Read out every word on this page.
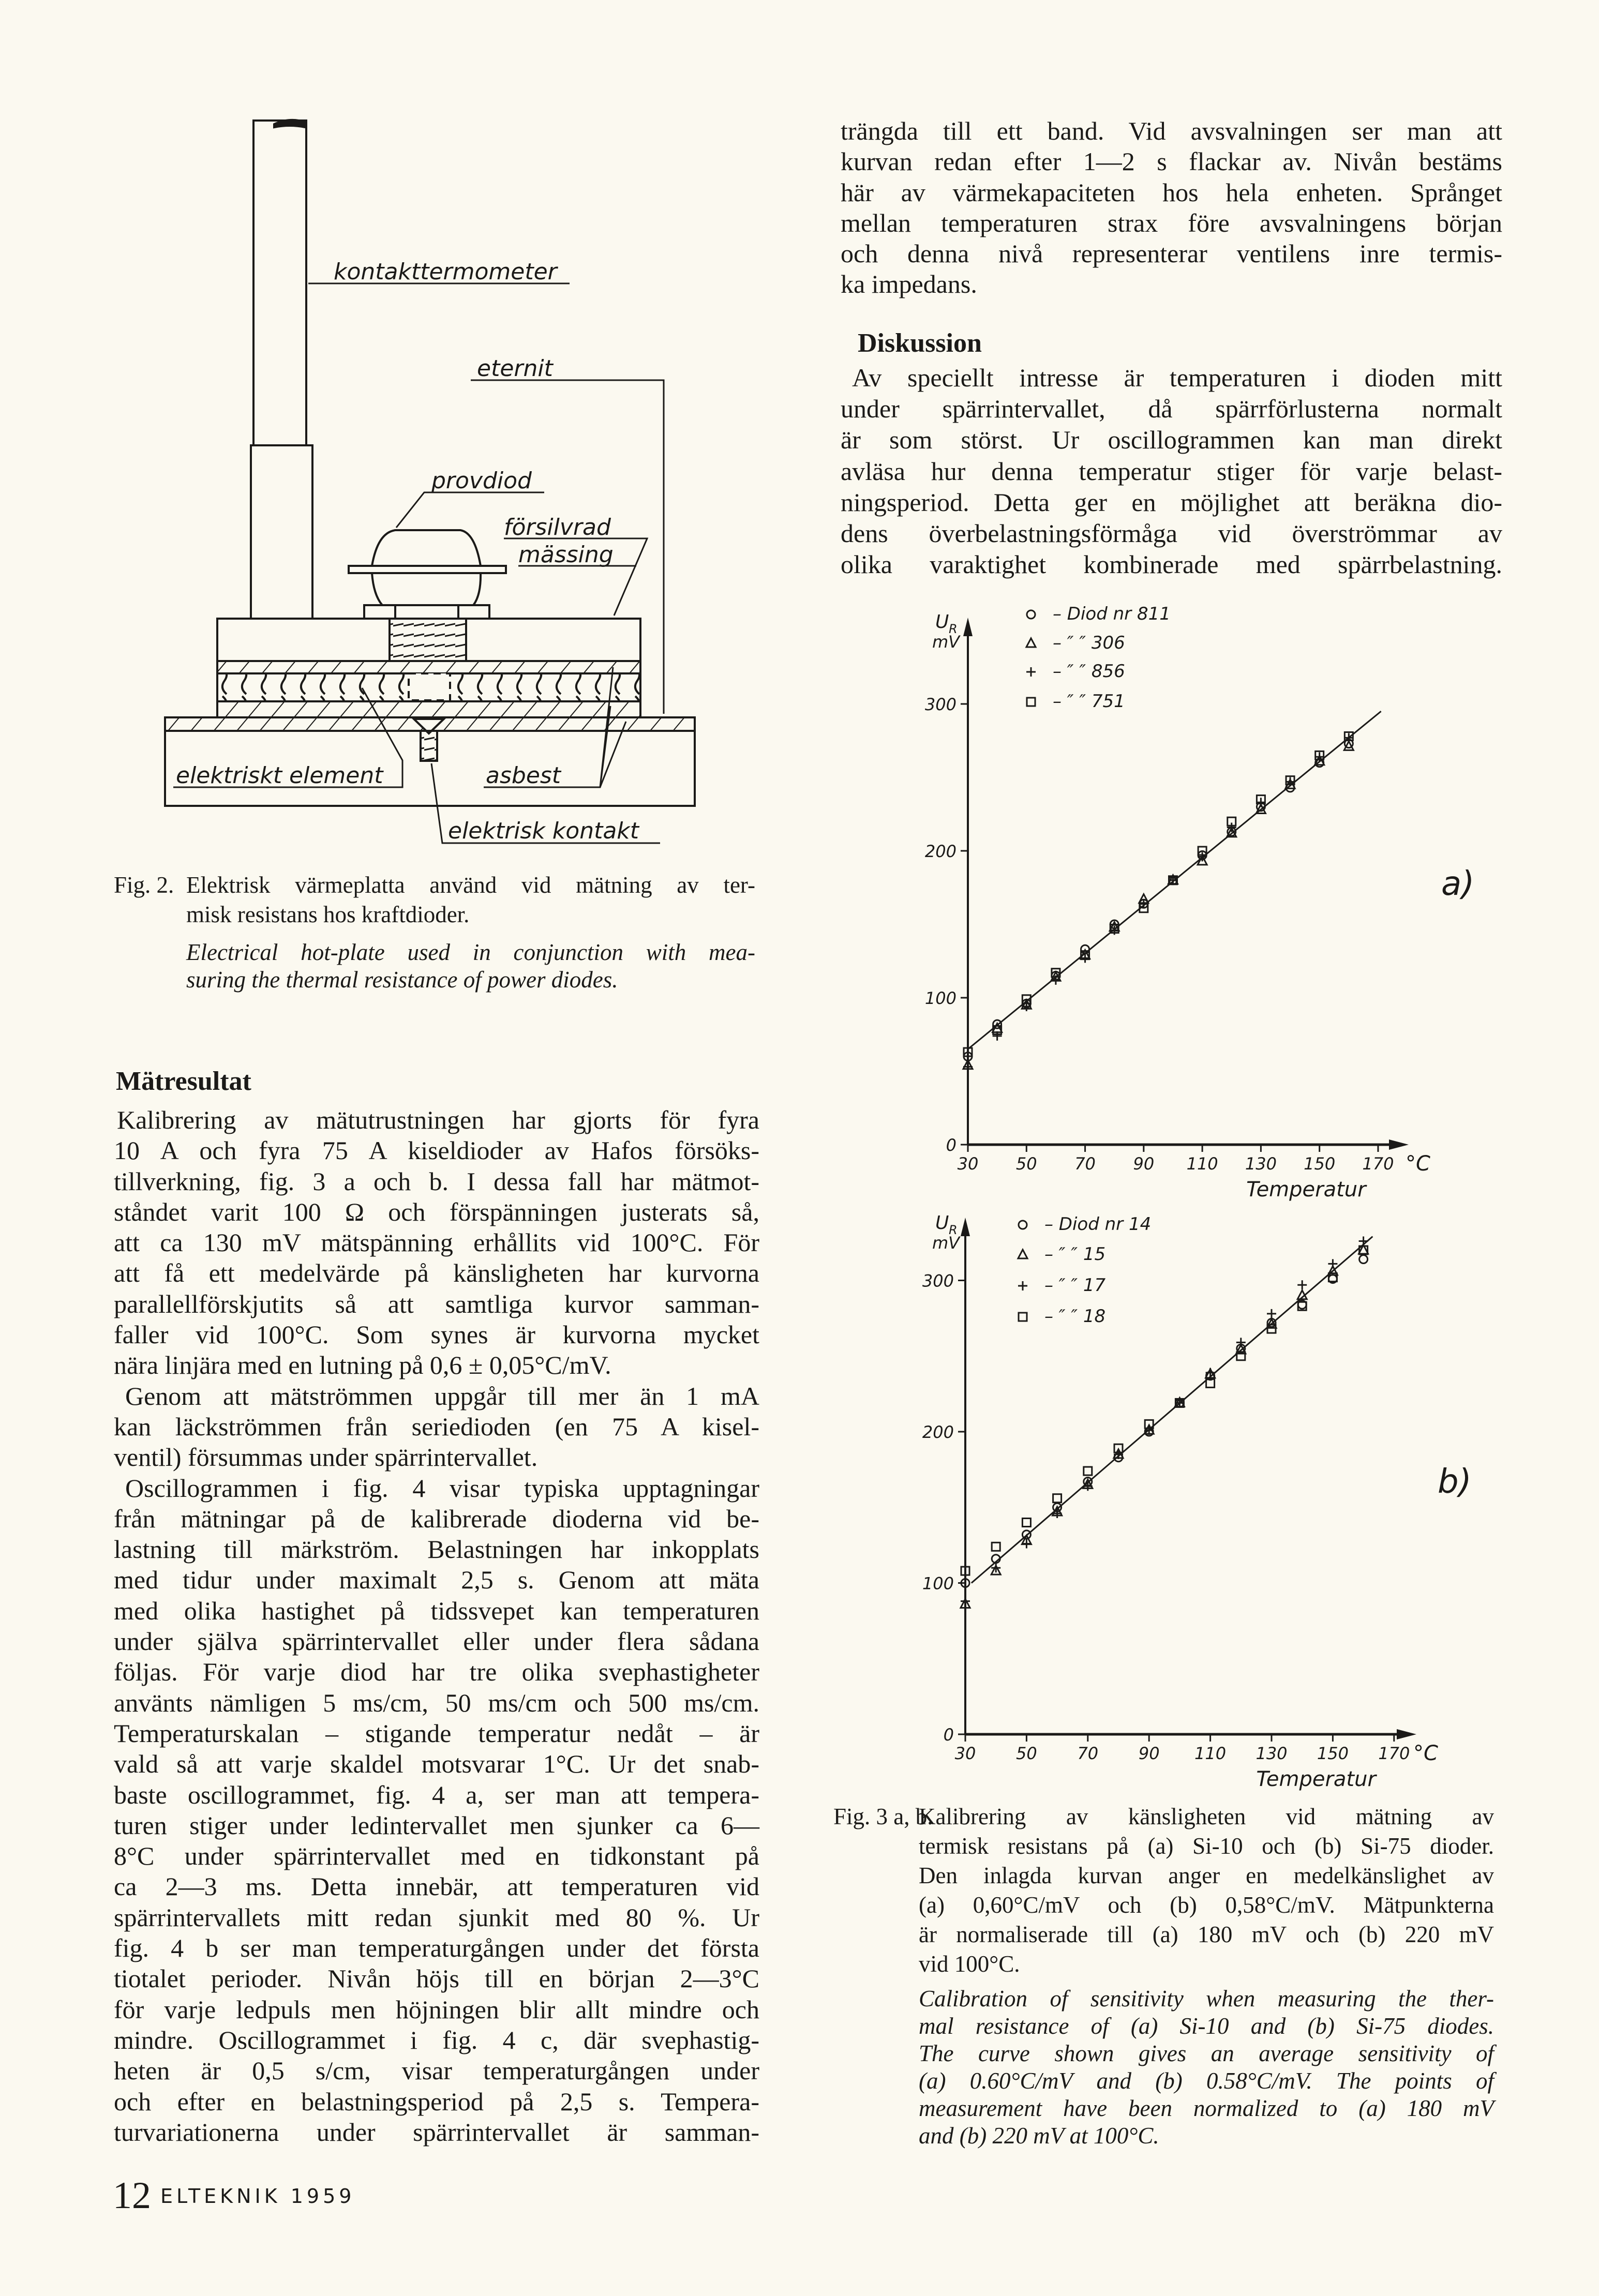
kontakttermometer
eternit
provdiod
försilvrad
mässing
elektriskt element	asbest
elektrisk kontakt
Fig. 2. Elektrisk värmeplatta använd vid mätning av ter-
misk resistans hos kraftdioder.
Electrical hot-plate used in conjunction with mea-
suring the thermal resistance of power diodes.
Mätresultat
Kalibrering av mätutrustningen har gjorts för fyra
10 A och fyra 75 A kiseldioder av Hafos försöks-
tillverkning, fig. 3 a och b. I dessa fall har mätmot-
ståndet varit 100 Ω och förspänningen justerats så,
att ca 130 mV mätspänning erhållits vid 100°C. För
att få ett medelvärde på känsligheten har kurvorna
parallellförskjutits så att samtliga kurvor samman-
faller vid 100°C. Som synes är kurvorna mycket
nära linjära med en lutning på 0,6 ± 0,05°C/mV.
Genom att mätströmmen uppgår till mer än 1 mA
kan läckströmmen från seriedioden (en 75 A kisel-
ventil) försummas under spärrintervallet.
Oscillogrammen i fig. 4 visar typiska upptagningar
från mätningar på de kalibrerade dioderna vid be-
lastning till märkström. Belastningen har inkopplats
med tidur under maximalt 2,5 s. Genom att mäta
med olika hastighet på tidssvepet kan temperaturen
under själva spärrintervallet eller under flera sådana
följas. För varje diod har tre olika svephastigheter
använts nämligen 5 ms/cm, 50 ms/cm och 500 ms/cm.
Temperaturskalan – stigande temperatur nedåt – är
vald så att varje skaldel motsvarar 1°C. Ur det snab-
baste oscillogrammet, fig. 4 a, ser man att tempera-
turen stiger under ledintervallet men sjunker ca 6—
8°C under spärrintervallet med en tidkonstant på
ca 2—3 ms. Detta innebär, att temperaturen vid
spärrintervallets mitt redan sjunkit med 80 %. Ur
fig. 4 b ser man temperaturgången under det första
tiotalet perioder. Nivån höjs till en början 2—3°C
för varje ledpuls men höjningen blir allt mindre och
mindre. Oscillogrammet i fig. 4 c, där svephastig-
heten är 0,5 s/cm, visar temperaturgången under
och efter en belastningsperiod på 2,5 s. Tempera-
turvariationerna under spärrintervallet är samman-
trängda till ett band. Vid avsvalningen ser man att
kurvan redan efter 1—2 s flackar av. Nivån bestäms
här av värmekapaciteten hos hela enheten. Språnget
mellan temperaturen strax före avsvalningens början
och denna nivå representerar ventilens inre termis-
ka impedans.
Diskussion
Av speciellt intresse är temperaturen i dioden mitt
under spärrintervallet, då spärrförlusterna normalt
är som störst. Ur oscillogrammen kan man direkt
avläsa hur denna temperatur stiger för varje belast-
ningsperiod. Detta ger en möjlighet att beräkna dio-
dens överbelastningsförmåga vid överströmmar av
olika varaktighet kombinerade med spärrbelastning.
0
100
200
300
30 50 70 90 110 130 150 170 °C
Temperatur
U R
mV
– Diod nr 811
– ″ ″ 306
– ″ ″ 856
– ″ ″ 751
a)
0
100
200
300
30 50 70 90 110 130 150 170 °C
Temperatur
U R
mV
– Diod nr 14
– ″ ″ 15
– ″ ″ 17
– ″ ″ 18
b)
Fig. 3 a, b.
Kalibrering av känsligheten vid mätning av
termisk resistans på (a) Si-10 och (b) Si-75 dioder.
Den inlagda kurvan anger en medelkänslighet av
(a) 0,60°C/mV och (b) 0,58°C/mV. Mätpunkterna
är normaliserade till (a) 180 mV och (b) 220 mV
vid 100°C.
Calibration of sensitivity when measuring the ther-
mal resistance of (a) Si-10 and (b) Si-75 diodes.
The curve shown gives an average sensitivity of
(a) 0.60°C/mV and (b) 0.58°C/mV. The points of
measurement have been normalized to (a) 180 mV
and (b) 220 mV at 100°C.
12 ELTEKNIK 1959
